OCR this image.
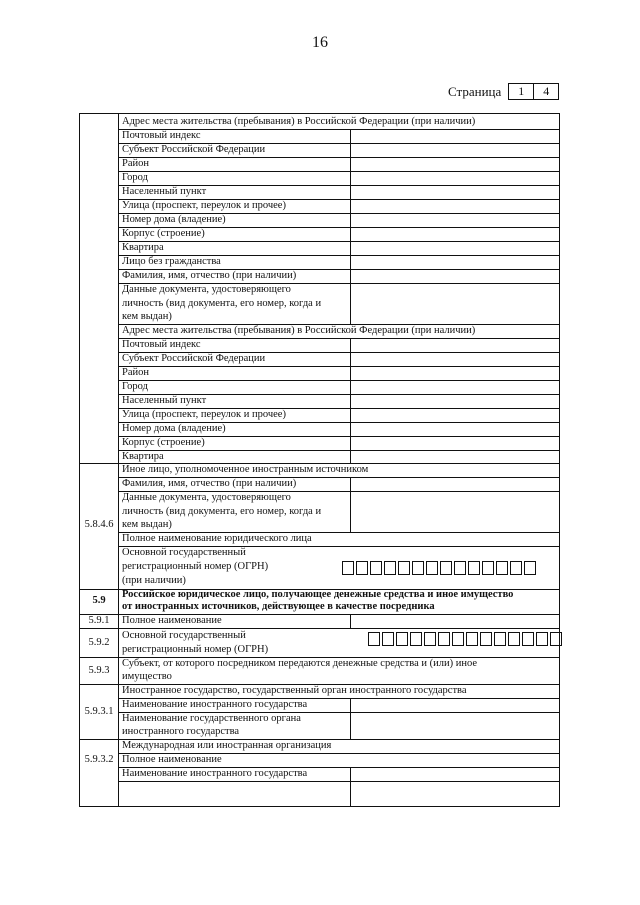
16
Страница	1	4
Адрес места жительства (пребывания) в Российской Федерации (при наличии)
Почтовый индекс
Субъект Российской Федерации
Район
Город
Населенный пункт
Улица (проспект, переулок и прочее)
Номер дома (владение)
Корпус (строение)
Квартира
Лицо без гражданства
Фамилия, имя, отчество (при наличии)
Данные документа, удостоверяющего
личность (вид документа, его номер, когда и
кем выдан)
Адрес места жительства (пребывания) в Российской Федерации (при наличии)
Почтовый индекс
Субъект Российской Федерации
Район
Город
Населенный пункт
Улица (проспект, переулок и прочее)
Номер дома (владение)
Корпус (строение)
Квартира
Иное лицо, уполномоченное иностранным источником
Фамилия, имя, отчество (при наличии)
Данные документа, удостоверяющего
личность (вид документа, его номер, когда и
кем выдан)
Полное наименование юридического лица
Основной государственный
регистрационный номер (ОГРН)
(при наличии)
Российское юридическое лицо, получающее денежные средства и иное имущество
от иностранных источников, действующее в качестве посредника
Полное наименование
Основной государственный
регистрационный номер (ОГРН)
Субъект, от которого посредником передаются денежные средства и (или) иное
имущество
Иностранное государство, государственный орган иностранного государства
Наименование иностранного государства
Наименование государственного органа
иностранного государства
Международная или иностранная организация
Полное наименование
Наименование иностранного государства
5.8.4.6
5.9
5.9.1
5.9.2
5.9.3
5.9.3.1
5.9.3.2
